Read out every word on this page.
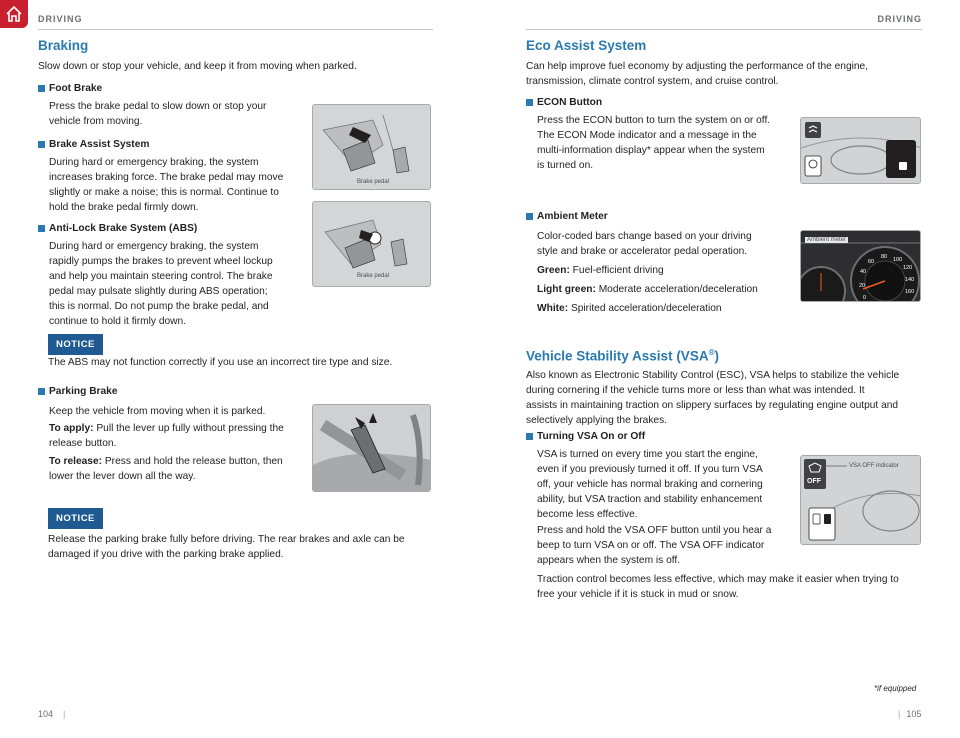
DRIVING	DRIVING
Braking
Slow down or stop your vehicle, and keep it from moving when parked.
Foot Brake
Press the brake pedal to slow down or stop your
vehicle from moving.
Brake Assist System
During hard or emergency braking, the system
increases braking force. The brake pedal may move
slightly or make a noise; this is normal. Continue to
hold the brake pedal firmly down.
Anti-Lock Brake System (ABS)
During hard or emergency braking, the system
rapidly pumps the brakes to prevent wheel lockup
and help you maintain steering control. The brake
pedal may pulsate slightly during ABS operation;
this is normal. Do not pump the brake pedal, and
continue to hold it firmly down.
Brake pedal
Brake pedal
NOTICE
The ABS may not function correctly if you use an incorrect tire type and size.
Parking Brake
Keep the vehicle from moving when it is parked.
To apply: Pull the lever up fully without pressing the
release button.
To release: Press and hold the release button, then
lower the lever down all the way.
NOTICE
Release the parking brake fully before driving. The rear brakes and axle can be
damaged if you drive with the parking brake applied.
Eco Assist System
Can help improve fuel economy by adjusting the performance of the engine,
transmission, climate control system, and cruise control.
ECON Button
Press the ECON button to turn the system on or off.
The ECON Mode indicator and a message in the
multi-information display* appear when the system
is turned on.
Ambient Meter
Color-coded bars change based on your driving
style and brake or accelerator pedal operation.
Green: Fuel-efficient driving
Light green: Moderate acceleration/deceleration
White: Spirited acceleration/deceleration
60
80 100
120
140
160
40
20
0
Ambient meter
Vehicle Stability Assist (VSA®)
Also known as Electronic Stability Control (ESC), VSA helps to stabilize the vehicle
during cornering if the vehicle turns more or less than what was intended. It
assists in maintaining traction on slippery surfaces by regulating engine output and
selectively applying the brakes.
Turning VSA On or Off
VSA is turned on every time you start the engine,
even if you previously turned it off. If you turn VSA
off, your vehicle has normal braking and cornering
ability, but VSA traction and stability enhancement
become less effective.
Press and hold the VSA OFF button until you hear a
beep to turn VSA on or off. The VSA OFF indicator
appears when the system is off.
Traction control becomes less effective, which may make it easier when trying to
free your vehicle if it is stuck in mud or snow.
OFF
VSA OFF indicator
*if equipped
104 |	| 105
